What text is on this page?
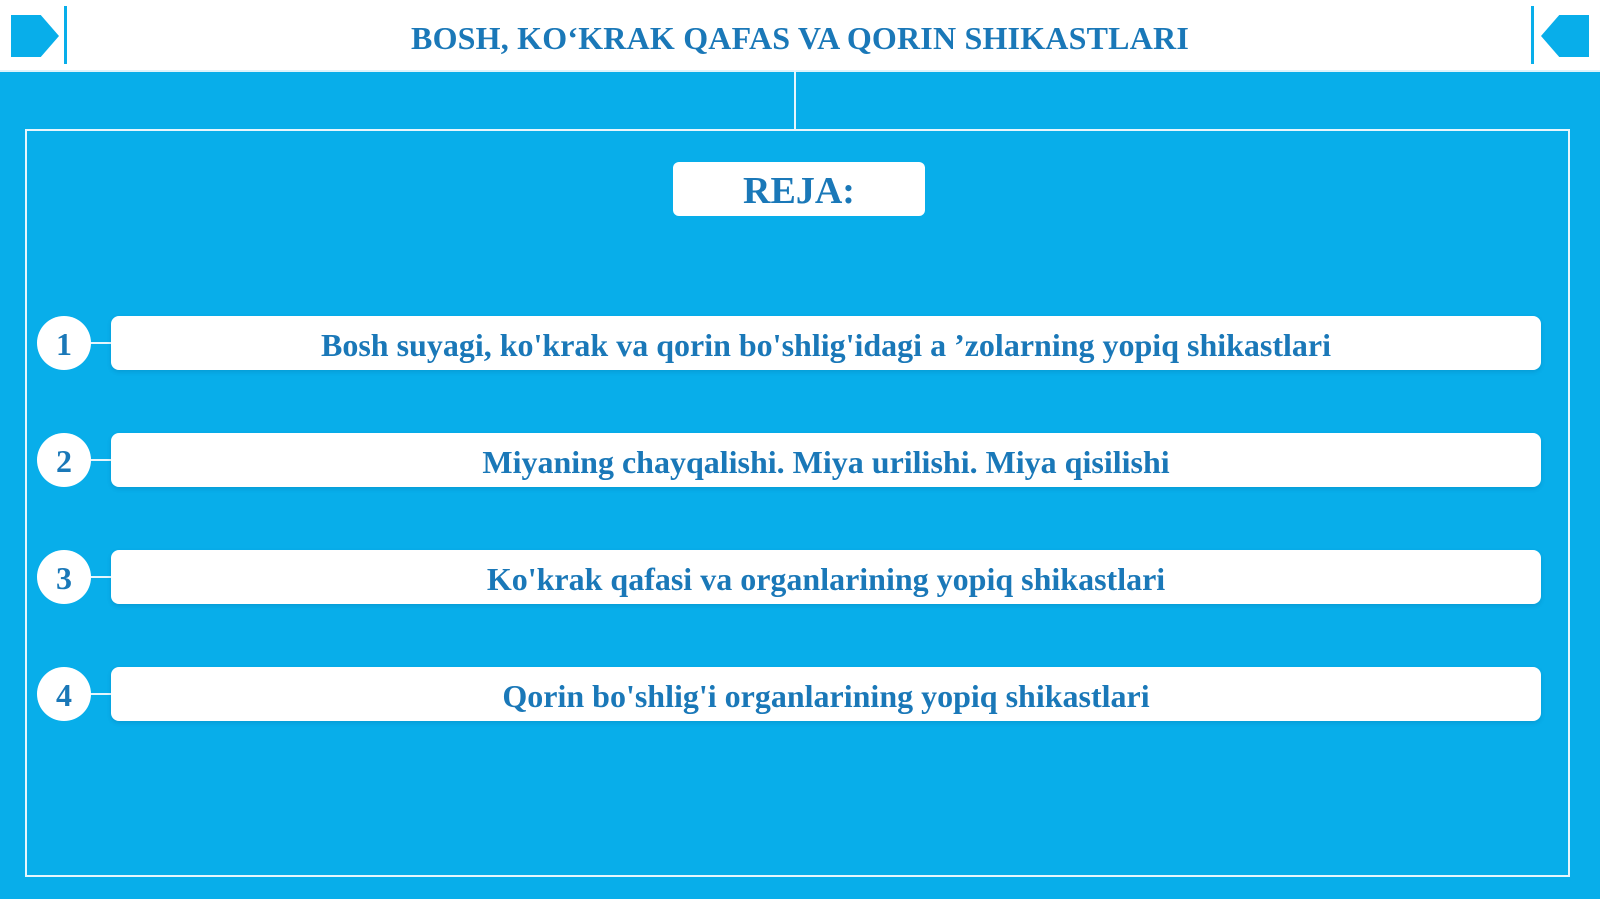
BOSH, KO‘KRAK QAFAS VA QORIN SHIKASTLARI
REJA:
1	Bosh suyagi, ko'krak va qorin bo'shlig'idagi a ’zolarning yopiq shikastlari
2	Miyaning chayqalishi. Miya urilishi. Miya qisilishi
3	Ko'krak qafasi va organlarining yopiq shikastlari
4	Qorin bo'shlig'i organlarining yopiq shikastlari
